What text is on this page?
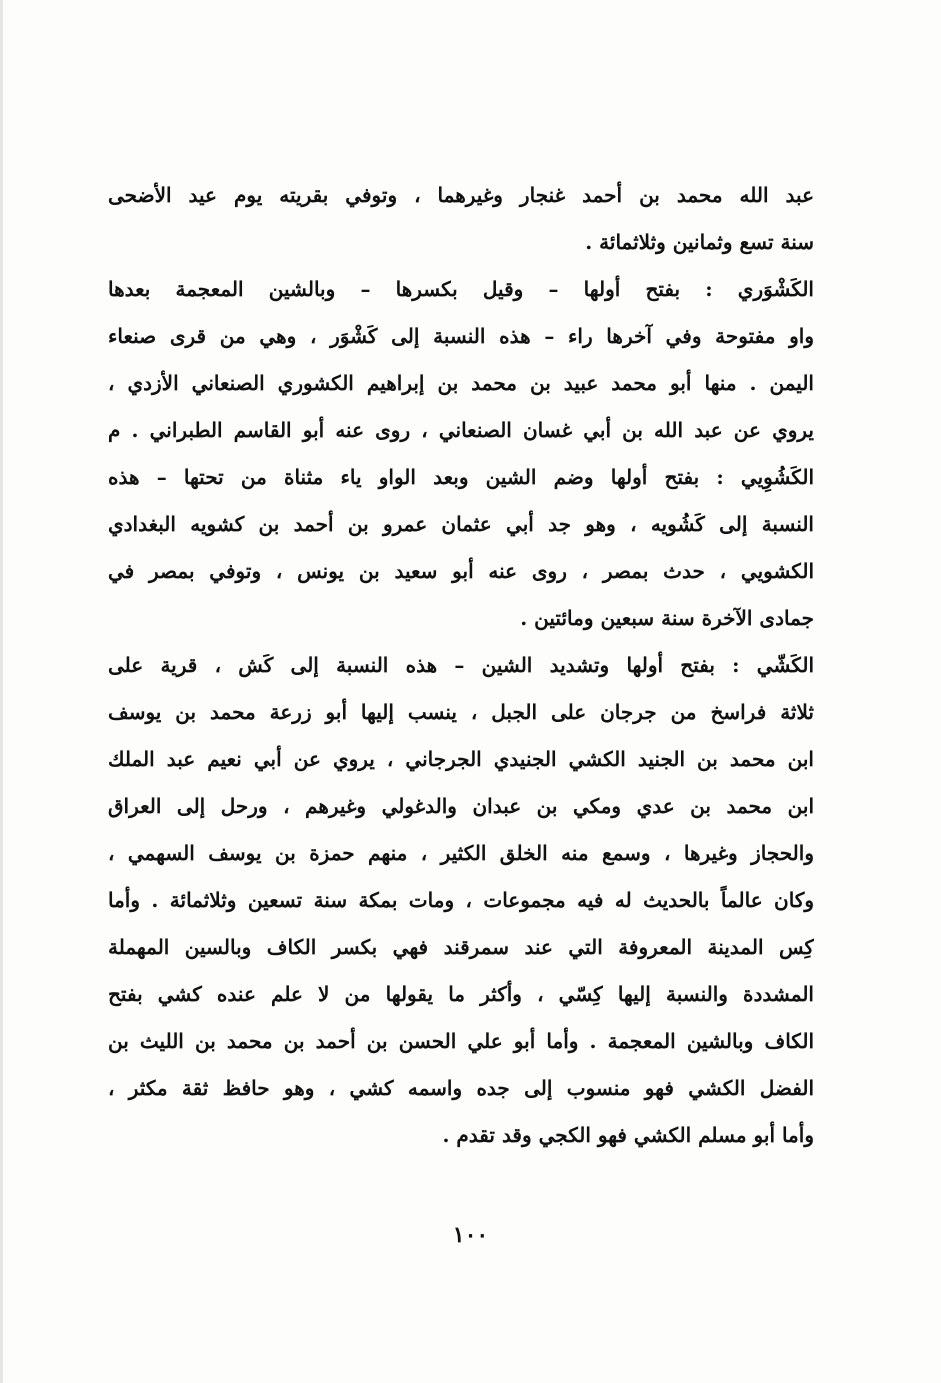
عبد الله محمد بن أحمد غنجار وغيرهما ، وتوفي بقريته يوم عيد الأضحى
سنة تسع وثمانين وثلاثمائة .
الكَشْوَري : بفتح أولها – وقيل بكسرها – وبالشين المعجمة بعدها
واو مفتوحة وفي آخرها راء – هذه النسبة إلى كَشْوَر ، وهي من قرى صنعاء
اليمن . منها أبو محمد عبيد بن محمد بن إبراهيم الكشوري الصنعاني الأزدي ،
يروي عن عبد الله بن أبي غسان الصنعاني ، روى عنه أبو القاسم الطبراني . م
الكَشُوِيي : بفتح أولها وضم الشين وبعد الواو ياء مثناة من تحتها – هذه
النسبة إلى كَشُويه ، وهو جد أبي عثمان عمرو بن أحمد بن كشويه البغدادي
الكشويي ، حدث بمصر ، روى عنه أبو سعيد بن يونس ، وتوفي بمصر في
جمادى الآخرة سنة سبعين ومائتين .
الكَشّي : بفتح أولها وتشديد الشين – هذه النسبة إلى كَش ، قرية على
ثلاثة فراسخ من جرجان على الجبل ، ينسب إليها أبو زرعة محمد بن يوسف
ابن محمد بن الجنيد الكشي الجنيدي الجرجاني ، يروي عن أبي نعيم عبد الملك
ابن محمد بن عدي ومكي بن عبدان والدغولي وغيرهم ، ورحل إلى العراق
والحجاز وغيرها ، وسمع منه الخلق الكثير ، منهم حمزة بن يوسف السهمي ،
وكان عالماً بالحديث له فيه مجموعات ، ومات بمكة سنة تسعين وثلاثمائة . وأما
كِس المدينة المعروفة التي عند سمرقند فهي بكسر الكاف وبالسين المهملة
المشددة والنسبة إليها كِسّي ، وأكثر ما يقولها من لا علم عنده كشي بفتح
الكاف وبالشين المعجمة . وأما أبو علي الحسن بن أحمد بن محمد بن الليث بن
الفضل الكشي فهو منسوب إلى جده واسمه كشي ، وهو حافظ ثقة مكثر ،
وأما أبو مسلم الكشي فهو الكجي وقد تقدم .
١٠٠
